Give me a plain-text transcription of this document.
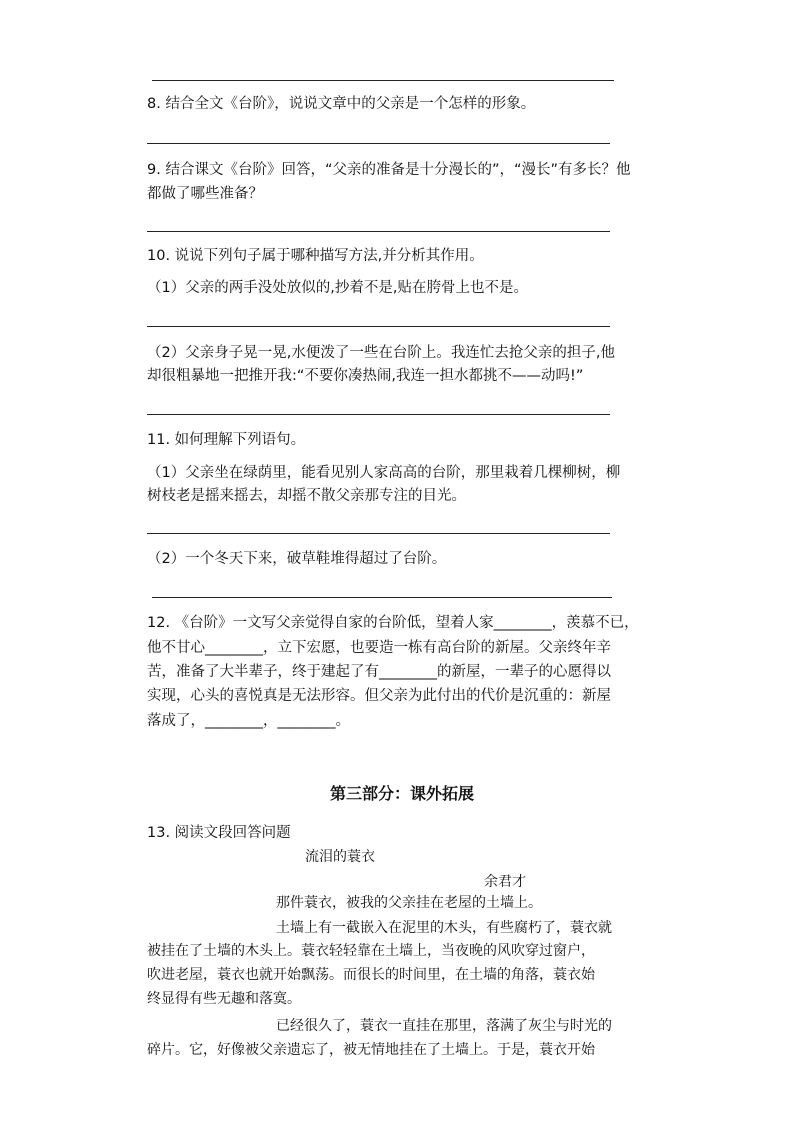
8. 结合全文《台阶》，说说文章中的父亲是一个怎样的形象。
9. 结合课文《台阶》回答，“父亲的准备是十分漫长的”，“漫长”有多长？他
都做了哪些准备？
10. 说说下列句子属于哪种描写方法,并分析其作用。
（1）父亲的两手没处放似的,抄着不是,贴在胯骨上也不是。
（2）父亲身子晃一晃,水便泼了一些在台阶上。我连忙去抢父亲的担子,他
却很粗暴地一把推开我:“不要你凑热闹,我连一担水都挑不——动吗!”
11. 如何理解下列语句。
（1）父亲坐在绿荫里，能看见别人家高高的台阶，那里栽着几棵柳树，柳
树枝老是摇来摇去，却摇不散父亲那专注的目光。
（2）一个冬天下来，破草鞋堆得超过了台阶。
12. 《台阶》一文写父亲觉得自家的台阶低，望着人家________，羡慕不已，
他不甘心________，立下宏愿，也要造一栋有高台阶的新屋。父亲终年辛
苦，准备了大半辈子，终于建起了有________的新屋，一辈子的心愿得以
实现，心头的喜悦真是无法形容。但父亲为此付出的代价是沉重的：新屋
落成了，________，________。
第三部分：课外拓展
13. 阅读文段回答问题
流泪的蓑衣
余君才
那件蓑衣，被我的父亲挂在老屋的土墙上。
土墙上有一截嵌入在泥里的木头，有些腐朽了，蓑衣就
被挂在了土墙的木头上。蓑衣轻轻靠在土墙上，当夜晚的风吹穿过窗户，
吹进老屋，蓑衣也就开始飘荡。而很长的时间里，在土墙的角落，蓑衣始
终显得有些无趣和落寞。
已经很久了，蓑衣一直挂在那里，落满了灰尘与时光的
碎片。它，好像被父亲遗忘了，被无情地挂在了土墙上。于是，蓑衣开始
